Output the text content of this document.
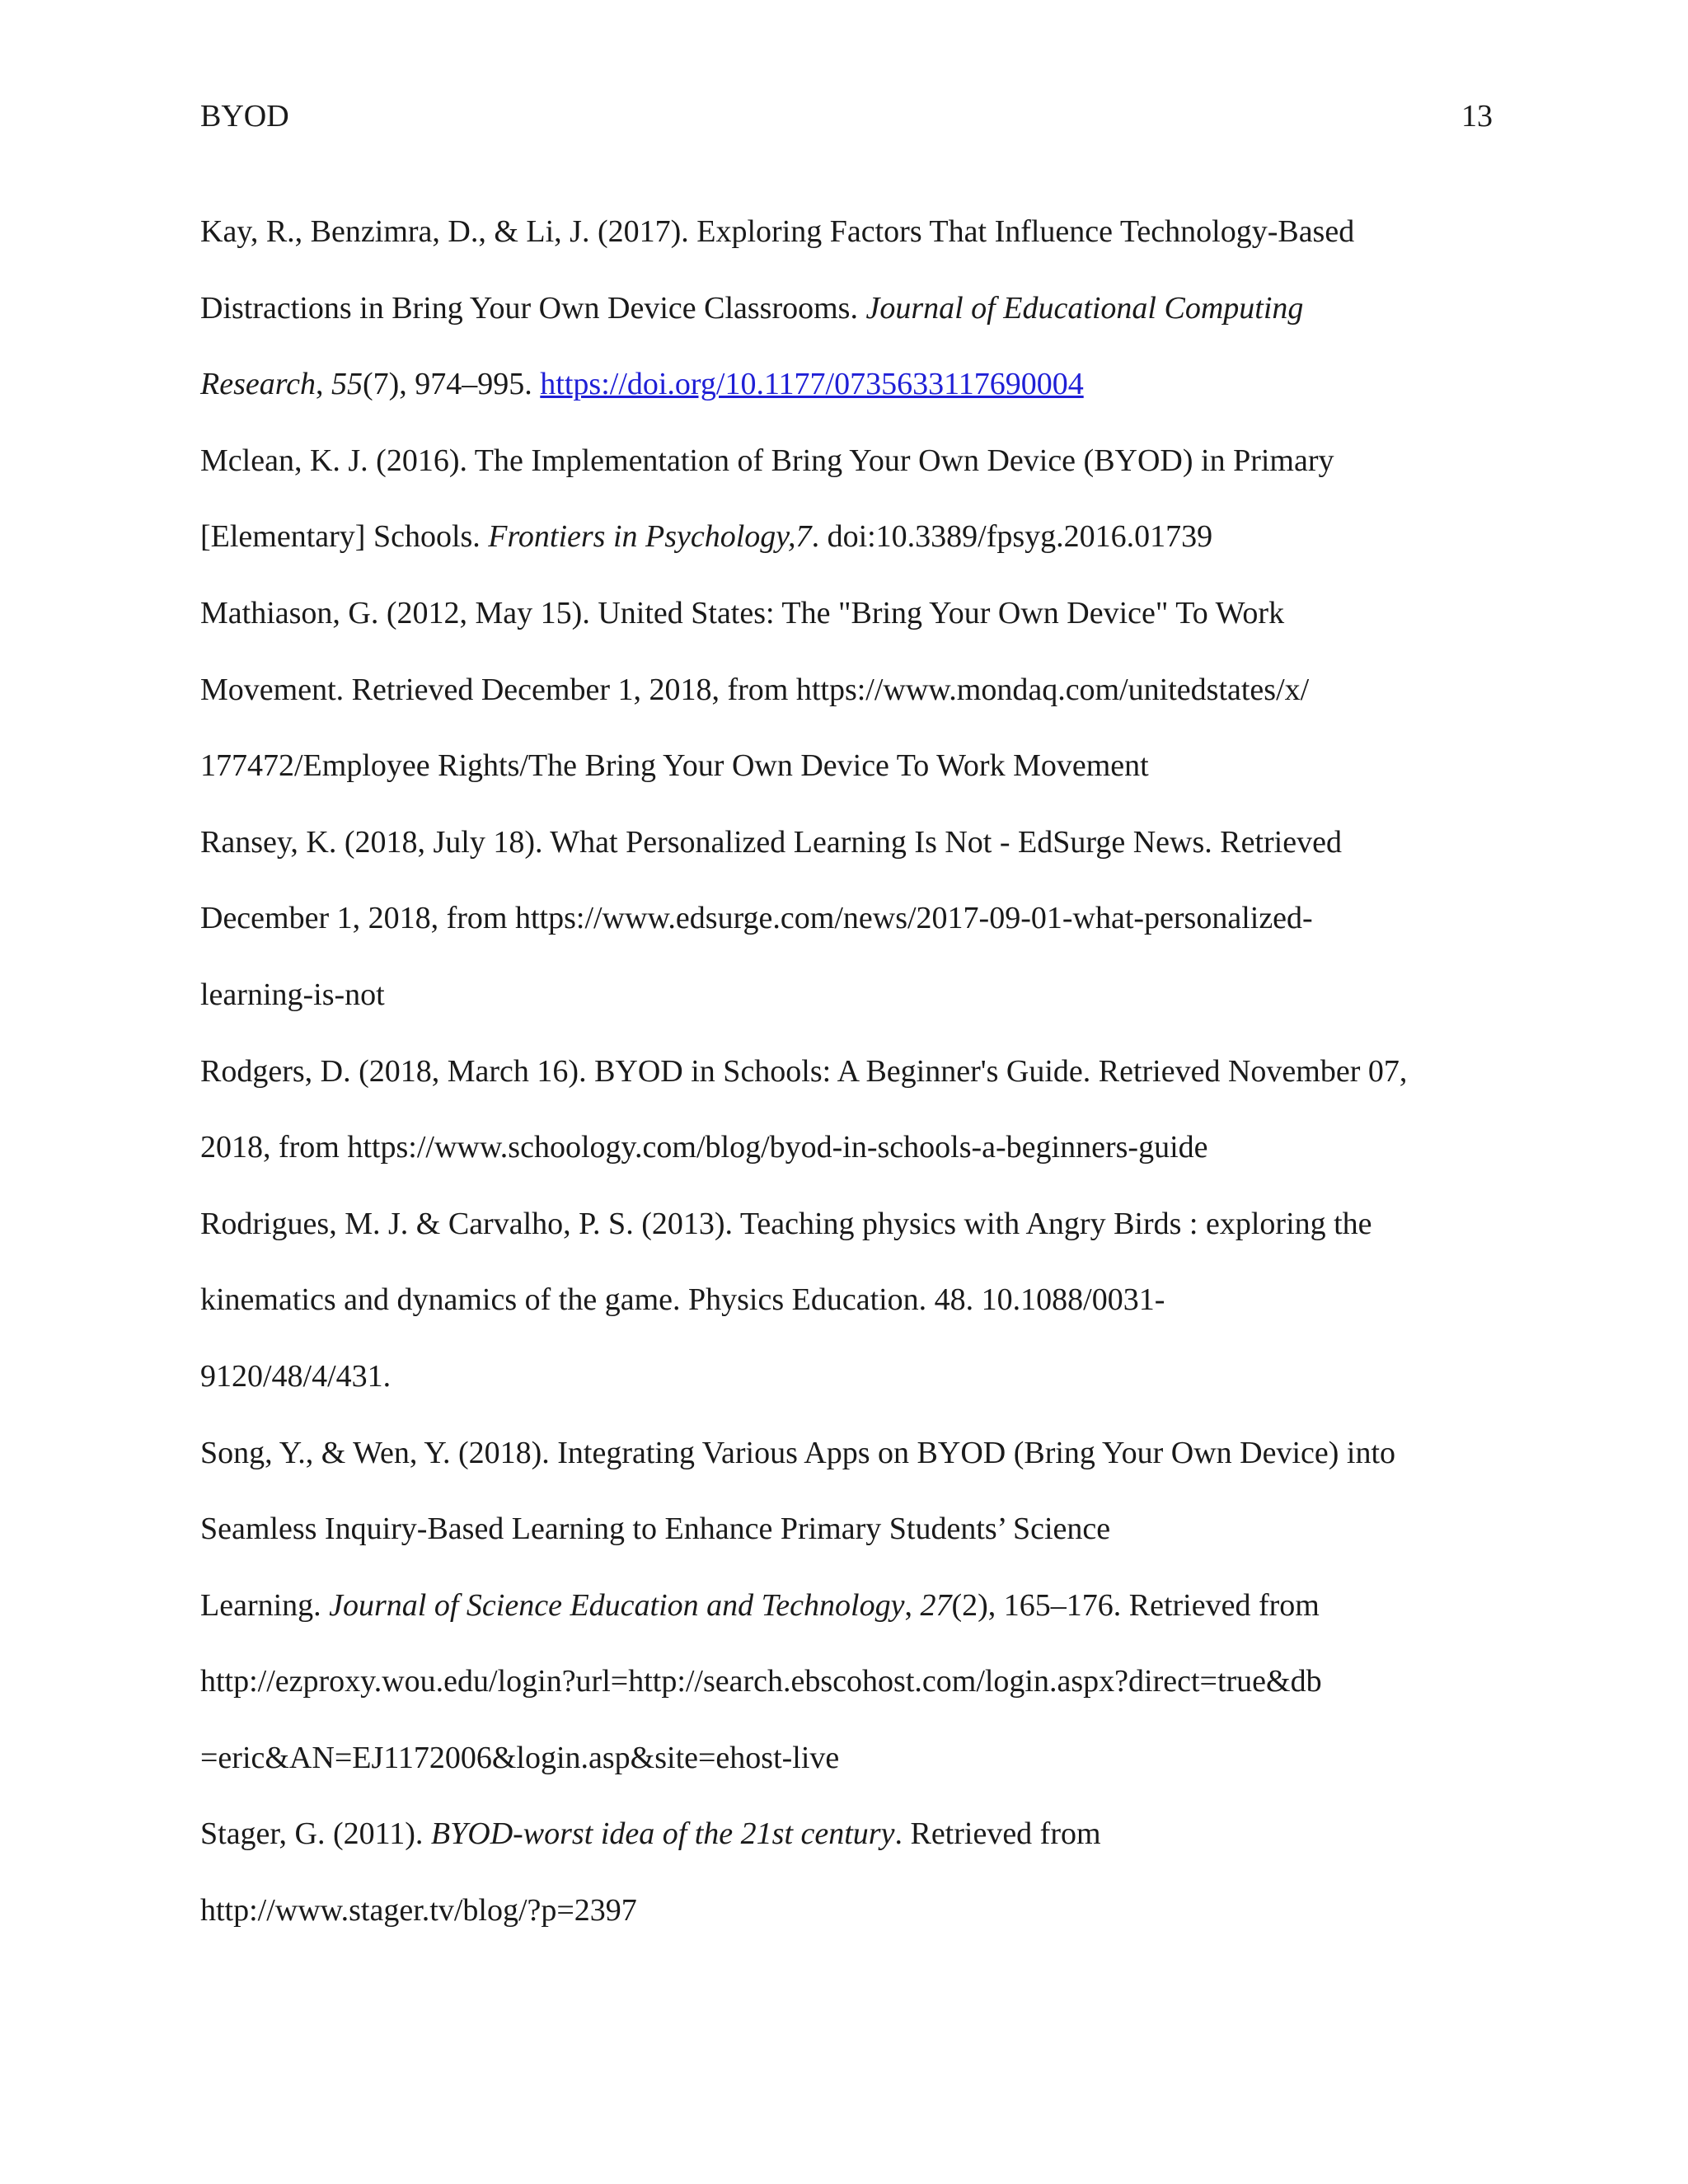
BYOD	13

Kay, R., Benzimra, D., & Li, J. (2017). Exploring Factors That Influence Technology-Based
Distractions in Bring Your Own Device Classrooms. Journal of Educational Computing
Research, 55(7), 974–995. https://doi.org/10.1177/0735633117690004

Mclean, K. J. (2016). The Implementation of Bring Your Own Device (BYOD) in Primary
[Elementary] Schools. Frontiers in Psychology,7. doi:10.3389/fpsyg.2016.01739

Mathiason, G. (2012, May 15). United States: The "Bring Your Own Device" To Work
Movement. Retrieved December 1, 2018, from https://www.mondaq.com/unitedstates/x/
177472/Employee Rights/The Bring Your Own Device To Work Movement

Ransey, K. (2018, July 18). What Personalized Learning Is Not - EdSurge News. Retrieved
December 1, 2018, from https://www.edsurge.com/news/2017-09-01-what-personalized-
learning-is-not

Rodgers, D. (2018, March 16). BYOD in Schools: A Beginner's Guide. Retrieved November 07,
2018, from https://www.schoology.com/blog/byod-in-schools-a-beginners-guide

Rodrigues, M. J. & Carvalho, P. S. (2013). Teaching physics with Angry Birds : exploring the
kinematics and dynamics of the game. Physics Education. 48. 10.1088/0031-
9120/48/4/431.

Song, Y., & Wen, Y. (2018). Integrating Various Apps on BYOD (Bring Your Own Device) into
Seamless Inquiry-Based Learning to Enhance Primary Students’ Science
Learning. Journal of Science Education and Technology, 27(2), 165–176. Retrieved from
http://ezproxy.wou.edu/login?url=http://search.ebscohost.com/login.aspx?direct=true&db
=eric&AN=EJ1172006&login.asp&site=ehost-live

Stager, G. (2011). BYOD-worst idea of the 21st century. Retrieved from
http://www.stager.tv/blog/?p=2397
